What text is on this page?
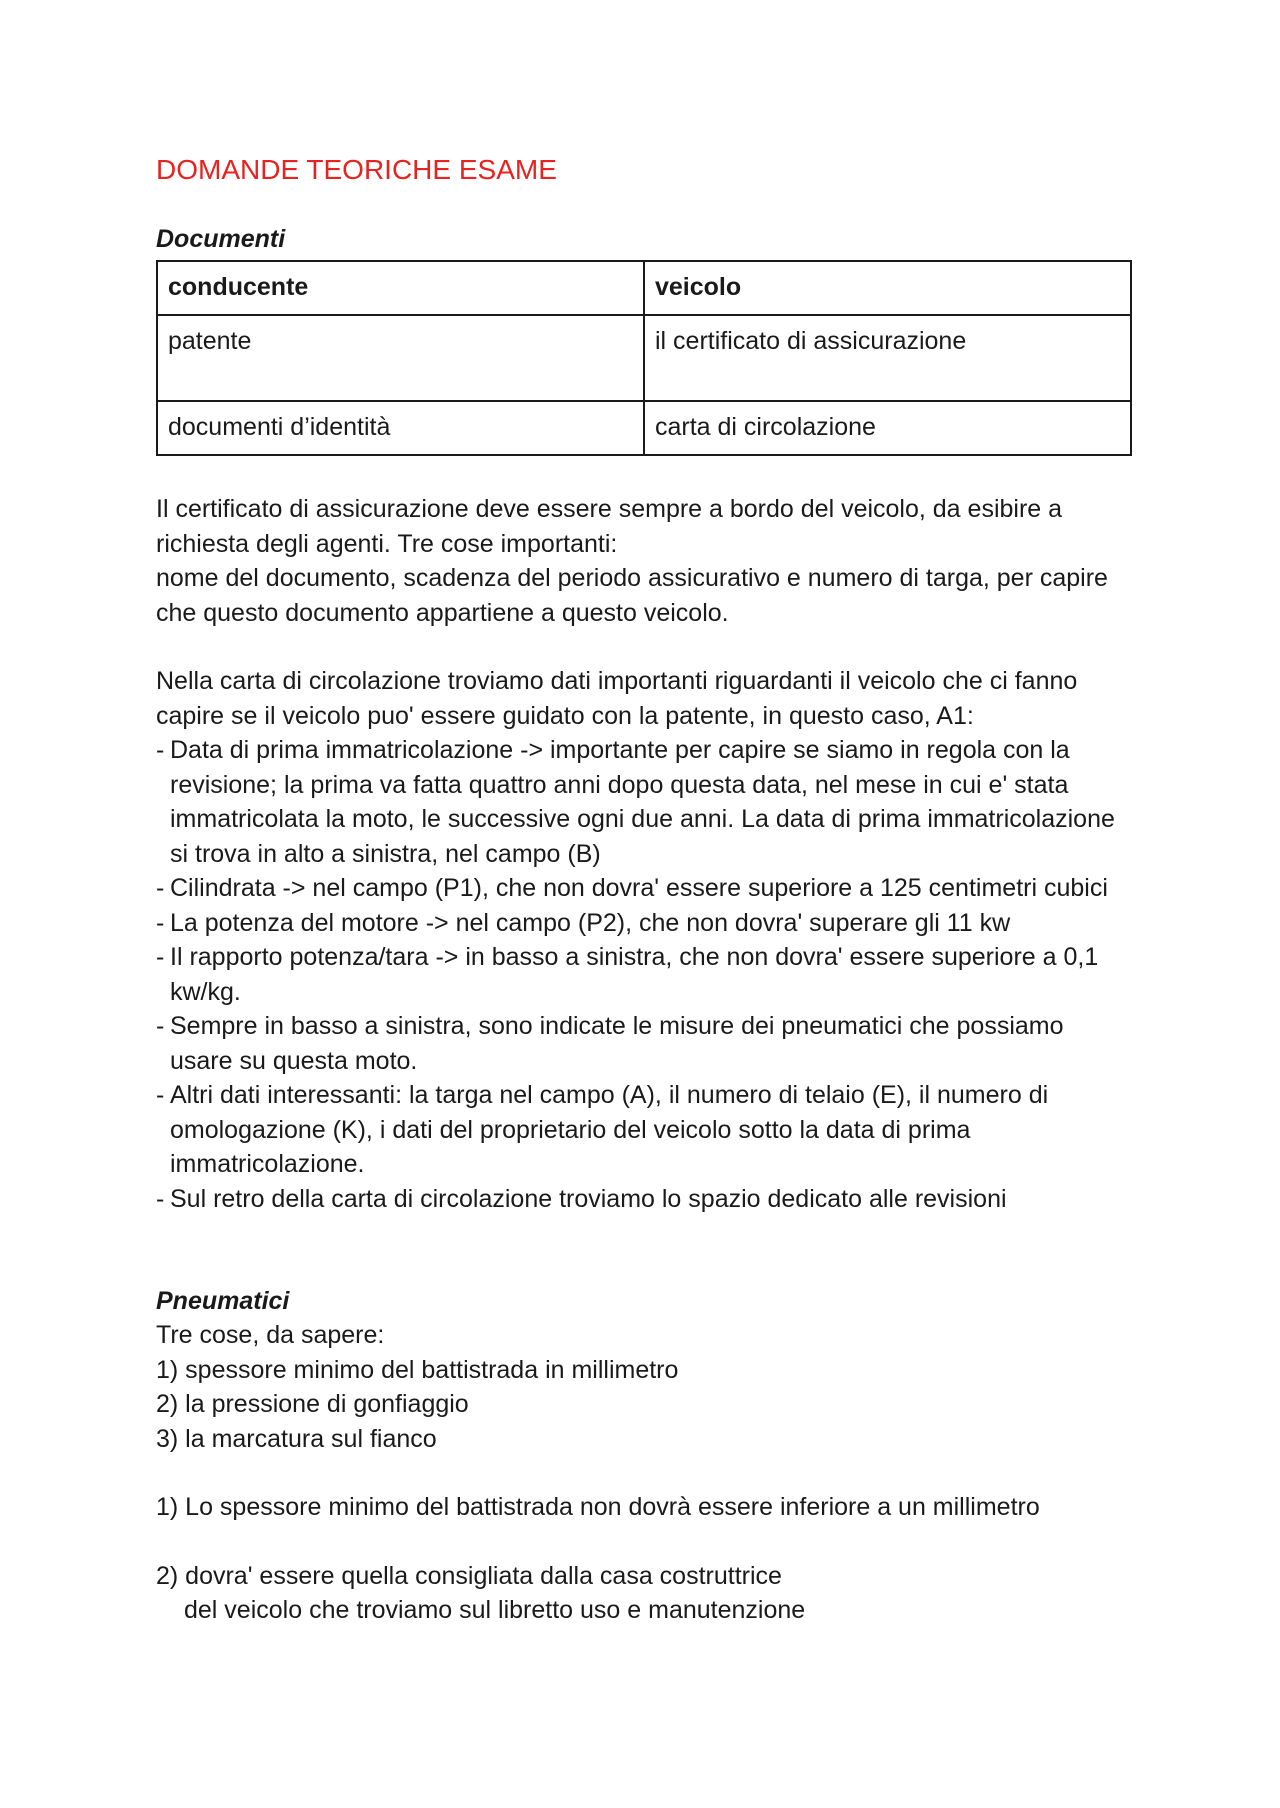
DOMANDE TEORICHE ESAME
Documenti
conducente	veicolo
patente	il certificato di assicurazione
documenti d’identità	carta di circolazione

Il certificato di assicurazione deve essere sempre a bordo del veicolo, da esibire a richiesta degli agenti. Tre cose importanti:

nome del documento, scadenza del periodo assicurativo e numero di targa, per capire che questo documento appartiene a questo veicolo.

Nella carta di circolazione troviamo dati importanti riguardanti il veicolo che ci fanno capire se il veicolo puo' essere guidato con la patente, in questo caso, A1:

- Data di prima immatricolazione -> importante per capire se siamo in regola con la revisione; la prima va fatta quattro anni dopo questa data, nel mese in cui e' stata immatricolata la moto, le successive ogni due anni. La data di prima immatricolazione si trova in alto a sinistra, nel campo (B)
- Cilindrata -> nel campo (P1), che non dovra' essere superiore a 125 centimetri cubici
- La potenza del motore -> nel campo (P2), che non dovra' superare gli 11 kw
- Il rapporto potenza/tara -> in basso a sinistra, che non dovra' essere superiore a 0,1 kw/kg.
- Sempre in basso a sinistra, sono indicate le misure dei pneumatici che possiamo usare su questa moto.
- Altri dati interessanti: la targa nel campo (A), il numero di telaio (E), il numero di omologazione (K), i dati del proprietario del veicolo sotto la data di prima immatricolazione.
- Sul retro della carta di circolazione troviamo lo spazio dedicato alle revisioni
Pneumatici

Tre cose, da sapere:

1) spessore minimo del battistrada in millimetro

2) la pressione di gonfiaggio

3) la marcatura sul fianco

1) Lo spessore minimo del battistrada non dovrà essere inferiore a un millimetro

2) dovra' essere quella consigliata dalla casa costruttrice

del veicolo che troviamo sul libretto uso e manutenzione
